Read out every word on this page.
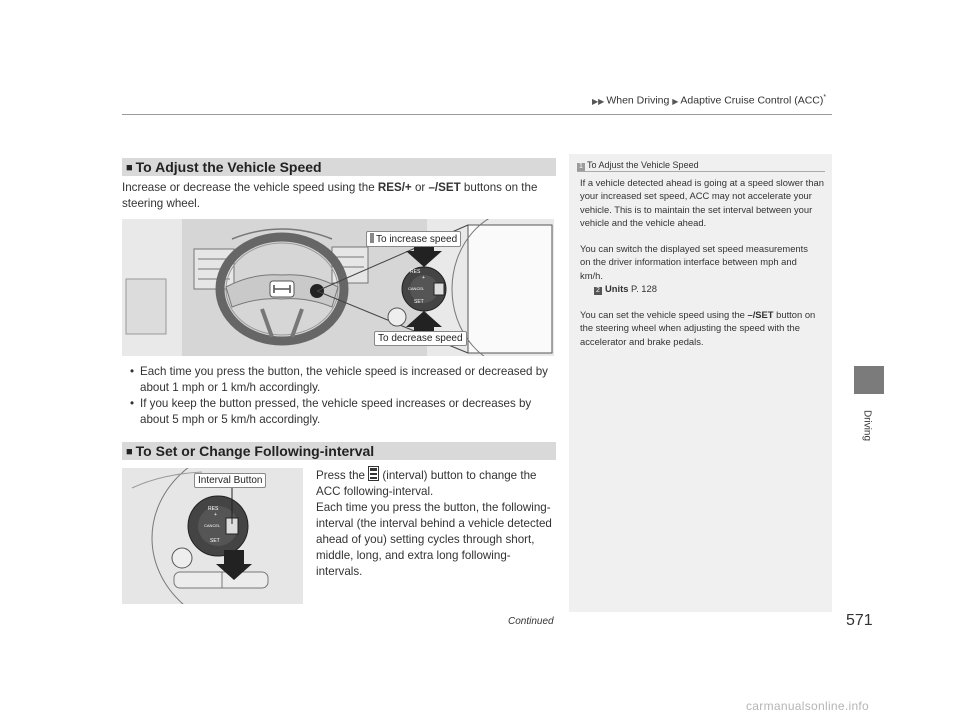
▶▶ When Driving ▶ Adaptive Cruise Control (ACC)*
Driving
■ To Adjust the Vehicle Speed
Increase or decrease the vehicle speed using the RES/+ or –/SET buttons on the steering wheel.
RES
+
CANCEL
SET
To increase speed
To decrease speed
• Each time you press the button, the vehicle speed is increased or decreased by about 1 mph or 1 km/h accordingly.
• If you keep the button pressed, the vehicle speed increases or decreases by about 5 mph or 5 km/h accordingly.
■ To Set or Change Following-interval
RES
+
CANCEL
SET
Interval Button	Press the
(interval) button to change the ACC following-interval.
Each time you press the button, the following-interval (the interval behind a vehicle detected ahead of you) setting cycles through short, middle, long, and extra long following-intervals.
1 To Adjust the Vehicle Speed
If a vehicle detected ahead is going at a speed slower than your increased set speed, ACC may not accelerate your vehicle. This is to maintain the set interval between your vehicle and the vehicle ahead.
You can switch the displayed set speed measurements on the driver information interface between mph and km/h.
2 Units P. 128
You can set the vehicle speed using the –/SET button on the steering wheel when adjusting the speed with the accelerator and brake pedals.
Continued	571
carmanualsonline.info
